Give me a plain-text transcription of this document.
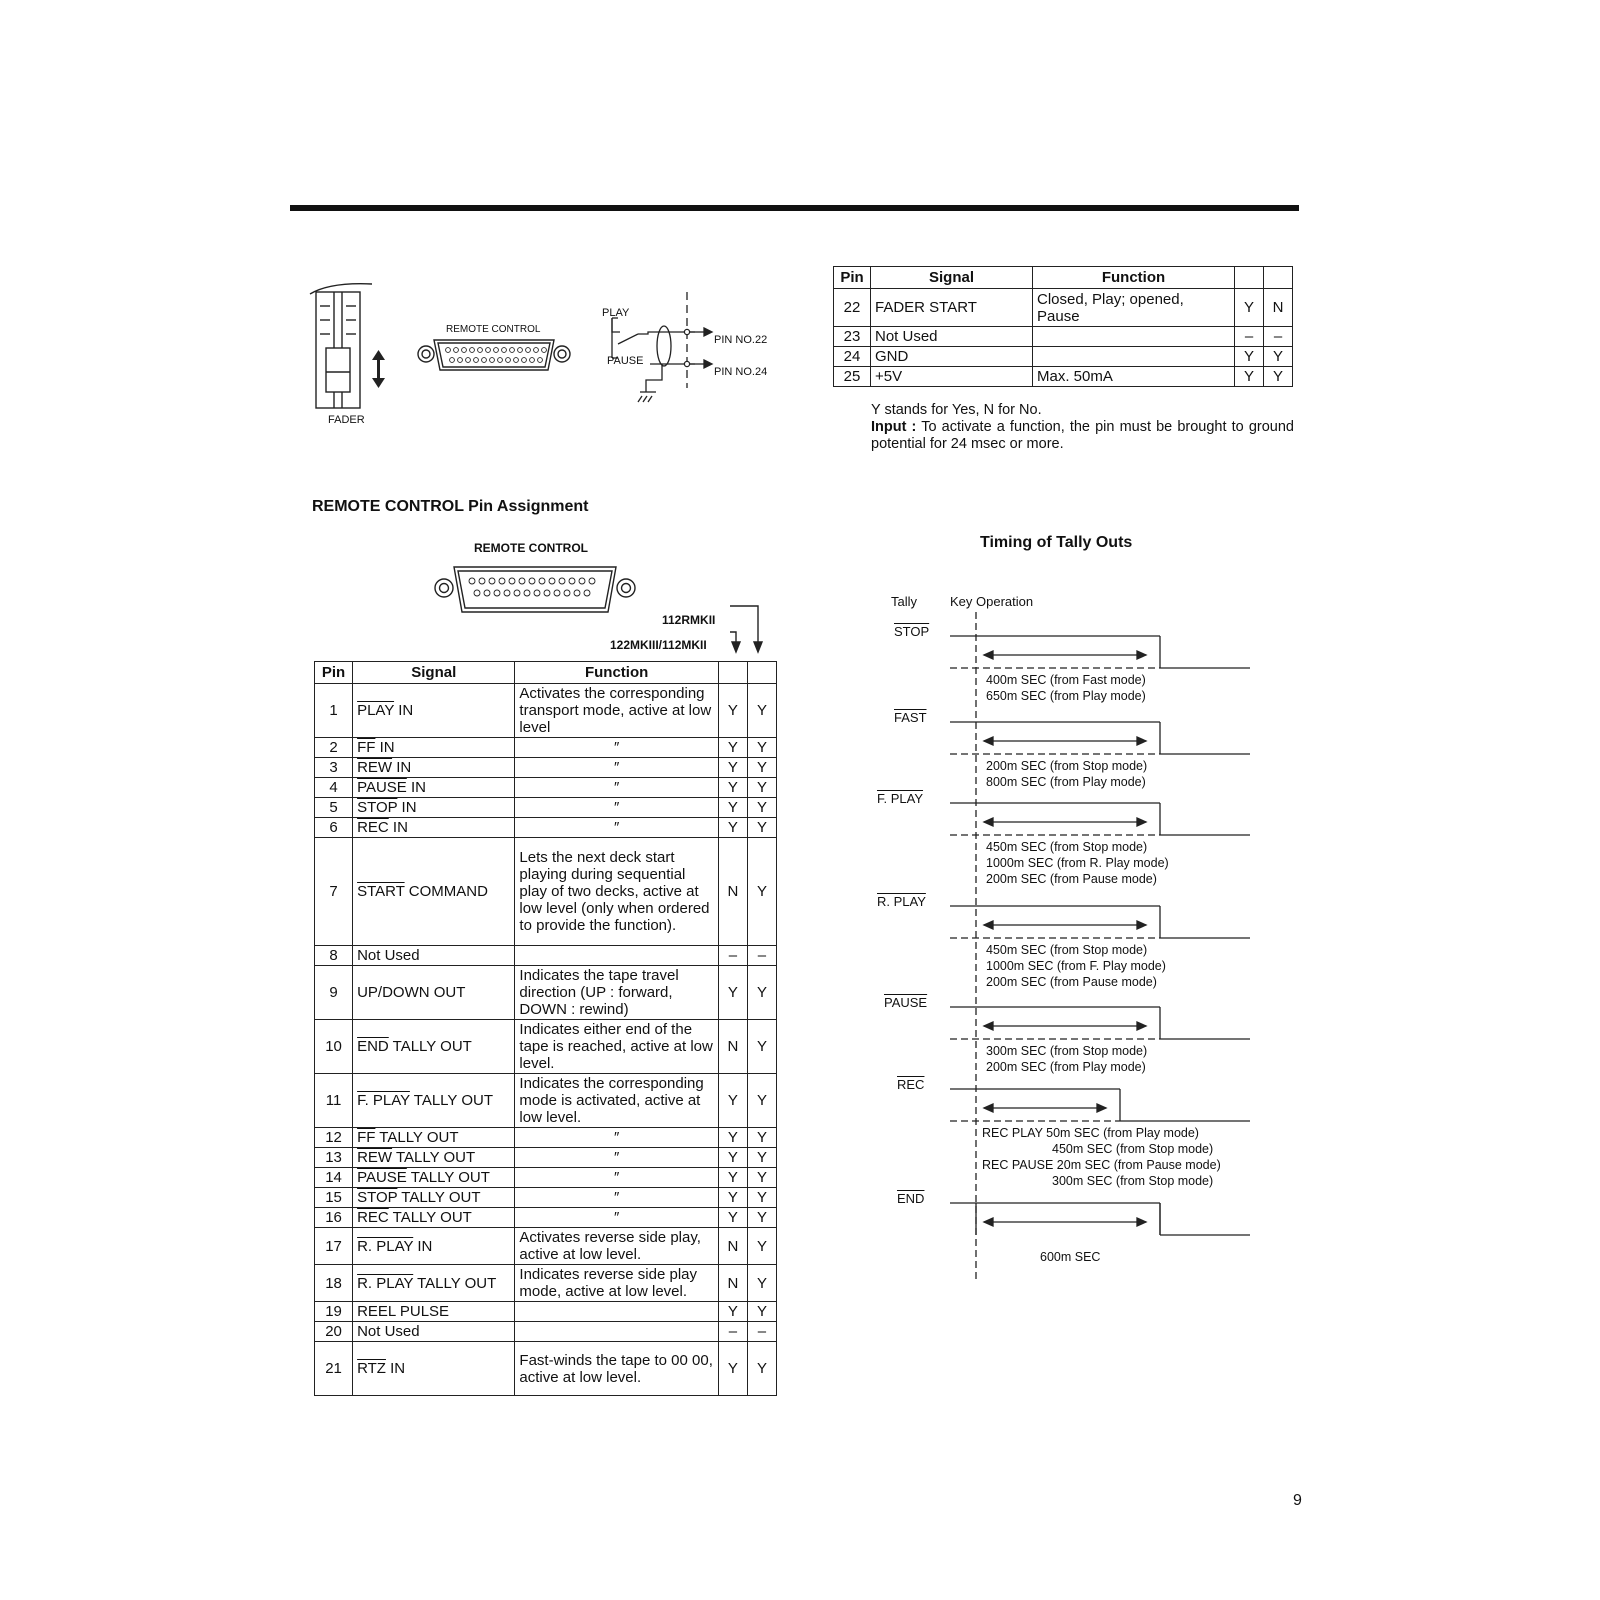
FADER
REMOTE CONTROL
PLAY
PAUSE
PIN NO.22
PIN NO.24
Pin	Signal	Function		
22	FADER START	Closed, Play; opened, Pause	Y	N
23	Not Used		–	–
24	GND		Y	Y
25	+5V	Max. 50mA	Y	Y
Y stands for Yes, N for No.
Input : To activate a function, the pin must be brought to ground potential for 24 msec or more.
REMOTE CONTROL Pin Assignment
REMOTE CONTROL
112RMKII
122MKIII/112MKII
Pin	Signal	Function		
1	PLAY IN	Activates the corresponding transport mode, active at low level	Y	Y
2	$\overline{FF}$ IN	″	Y	Y
3	$\overline{REW}$ IN	″	Y	Y
4	PAUSE IN	″	Y	Y
5	STOP IN	″	Y	Y
6	$\overline{REC}$ IN	″	Y	Y
7	START COMMAND	Lets the next deck start playing during sequential play of two decks, active at low level (only when ordered to provide the function).	N	Y
8	Not Used		–	–
9	UP/DOWN OUT	Indicates the tape travel direction (UP : forward, DOWN : rewind)	Y	Y
10	$\overline{END}$ TALLY OUT	Indicates either end of the tape is reached, active at low level.	N	Y
11	F. PLAY TALLY OUT	Indicates the corresponding mode is activated, active at low level.	Y	Y
12	$\overline{FF}$ TALLY OUT	″	Y	Y
13	$\overline{REW}$ TALLY OUT	″	Y	Y
14	PAUSE TALLY OUT	″	Y	Y
15	STOP TALLY OUT	″	Y	Y
16	$\overline{REC}$ TALLY OUT	″	Y	Y
17	R. PLAY IN	Activates reverse side play, active at low level.	N	Y
18	R. PLAY TALLY OUT	Indicates reverse side play mode, active at low level.	N	Y
19	REEL PULSE		Y	Y
20	Not Used		–	–
21	$\overline{RTZ}$ IN	Fast-winds the tape to 00 00, active at low level.	Y	Y
Timing of Tally Outs
Tally	Key Operation
STOP
400m SEC (from Fast mode)
650m SEC (from Play mode)
FAST
200m SEC (from Stop mode)
800m SEC (from Play mode)
F. PLAY
450m SEC (from Stop mode)
1000m SEC (from R. Play mode)
200m SEC (from Pause mode)
R. PLAY
450m SEC (from Stop mode)
1000m SEC (from F. Play mode)
200m SEC (from Pause mode)
PAUSE
300m SEC (from Stop mode)
200m SEC (from Play mode)
$\overline{REC}$
REC PLAY 50m SEC (from Play mode)
450m SEC (from Stop mode)
REC PAUSE 20m SEC (from Pause mode)
300m SEC (from Stop mode)
$\overline{END}$
600m SEC
9
